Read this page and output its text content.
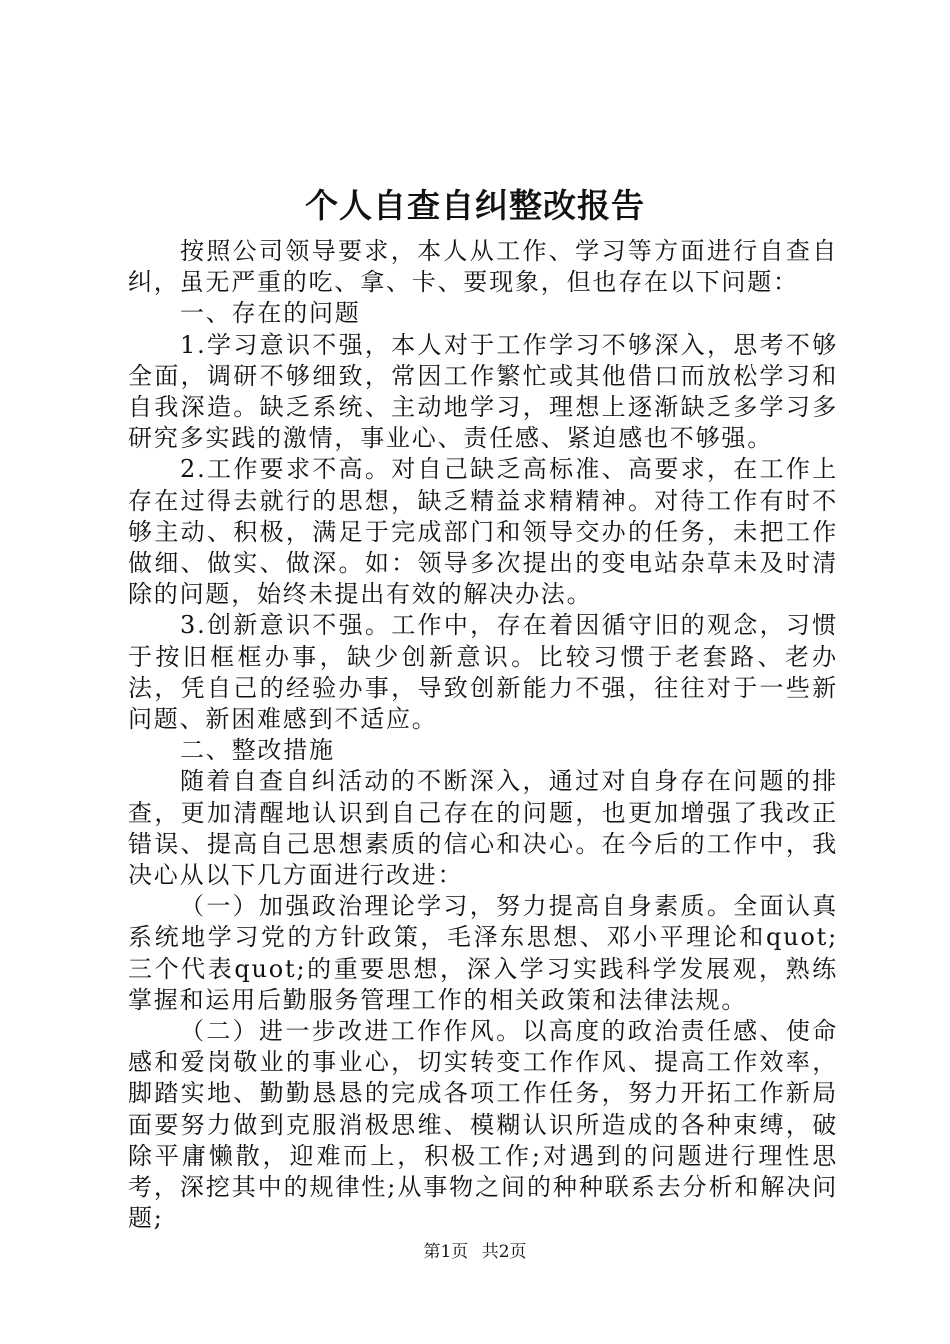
个人自查自纠整改报告

按照公司领导要求，本人从工作、学习等方面进行自查自纠，虽无严重的吃、拿、卡、要现象，但也存在以下问题：

一、存在的问题

1.学习意识不强，本人对于工作学习不够深入，思考不够全面，调研不够细致，常因工作繁忙或其他借口而放松学习和自我深造。缺乏系统、主动地学习，理想上逐渐缺乏多学习多研究多实践的激情，事业心、责任感、紧迫感也不够强。

2.工作要求不高。对自己缺乏高标准、高要求，在工作上存在过得去就行的思想，缺乏精益求精精神。对待工作有时不够主动、积极，满足于完成部门和领导交办的任务，未把工作做细、做实、做深。如：领导多次提出的变电站杂草未及时清除的问题，始终未提出有效的解决办法。

3.创新意识不强。工作中，存在着因循守旧的观念，习惯于按旧框框办事，缺少创新意识。比较习惯于老套路、老办法，凭自己的经验办事，导致创新能力不强，往往对于一些新问题、新困难感到不适应。

二、整改措施

随着自查自纠活动的不断深入，通过对自身存在问题的排查，更加清醒地认识到自己存在的问题，也更加增强了我改正错误、提高自己思想素质的信心和决心。在今后的工作中，我决心从以下几方面进行改进：

（一）加强政治理论学习，努力提高自身素质。全面认真系统地学习党的方针政策，毛泽东思想、邓小平理论和quot;三个代表quot;的重要思想，深入学习实践科学发展观，熟练掌握和运用后勤服务管理工作的相关政策和法律法规。

（二）进一步改进工作作风。以高度的政治责任感、使命感和爱岗敬业的事业心，切实转变工作作风、提高工作效率，脚踏实地、勤勤恳恳的完成各项工作任务，努力开拓工作新局面要努力做到克服消极思维、模糊认识所造成的各种束缚，破除平庸懒散，迎难而上，积极工作;对遇到的问题进行理性思考，深挖其中的规律性;从事物之间的种种联系去分析和解决问题;

第1页 共2页
